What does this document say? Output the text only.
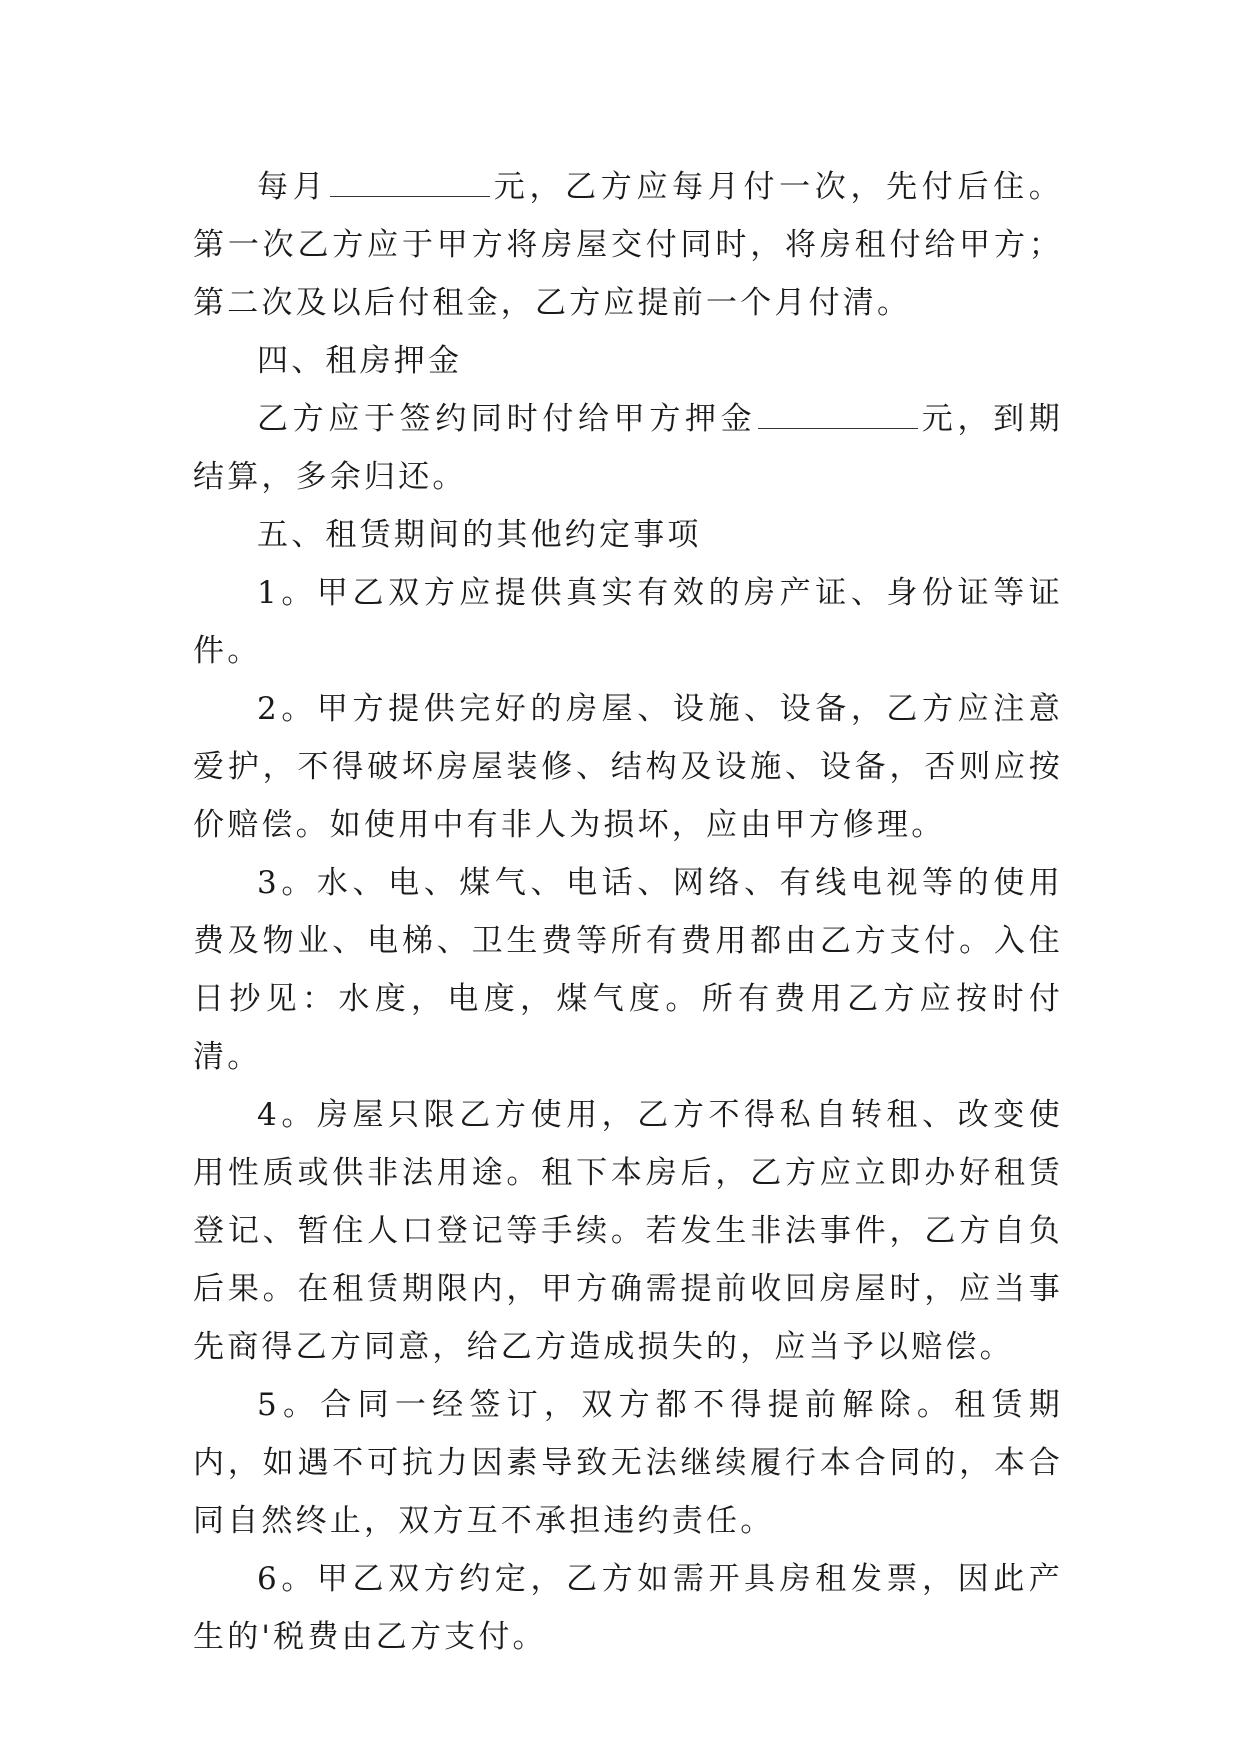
每月	元，乙方应每月付一次，先付后住。第一次乙方应于甲方将房屋交付同时，将房租付给甲方；第二次及以后付租金，乙方应提前一个月付清。

四、租房押金

乙方应于签约同时付给甲方押金	元，到期结算，多余归还。

五、租赁期间的其他约定事项

1。甲乙双方应提供真实有效的房产证、身份证等证件。

2。甲方提供完好的房屋、设施、设备，乙方应注意爱护，不得破坏房屋装修、结构及设施、设备，否则应按价赔偿。如使用中有非人为损坏，应由甲方修理。

3。水、电、煤气、电话、网络、有线电视等的使用费及物业、电梯、卫生费等所有费用都由乙方支付。入住日抄见：水度，电度，煤气度。所有费用乙方应按时付清。

4。房屋只限乙方使用，乙方不得私自转租、改变使用性质或供非法用途。租下本房后，乙方应立即办好租赁登记、暂住人口登记等手续。若发生非法事件，乙方自负后果。在租赁期限内，甲方确需提前收回房屋时，应当事先商得乙方同意，给乙方造成损失的，应当予以赔偿。

5。合同一经签订，双方都不得提前解除。租赁期内，如遇不可抗力因素导致无法继续履行本合同的，本合同自然终止，双方互不承担违约责任。

6。甲乙双方约定，乙方如需开具房租发票，因此产生的'税费由乙方支付。
